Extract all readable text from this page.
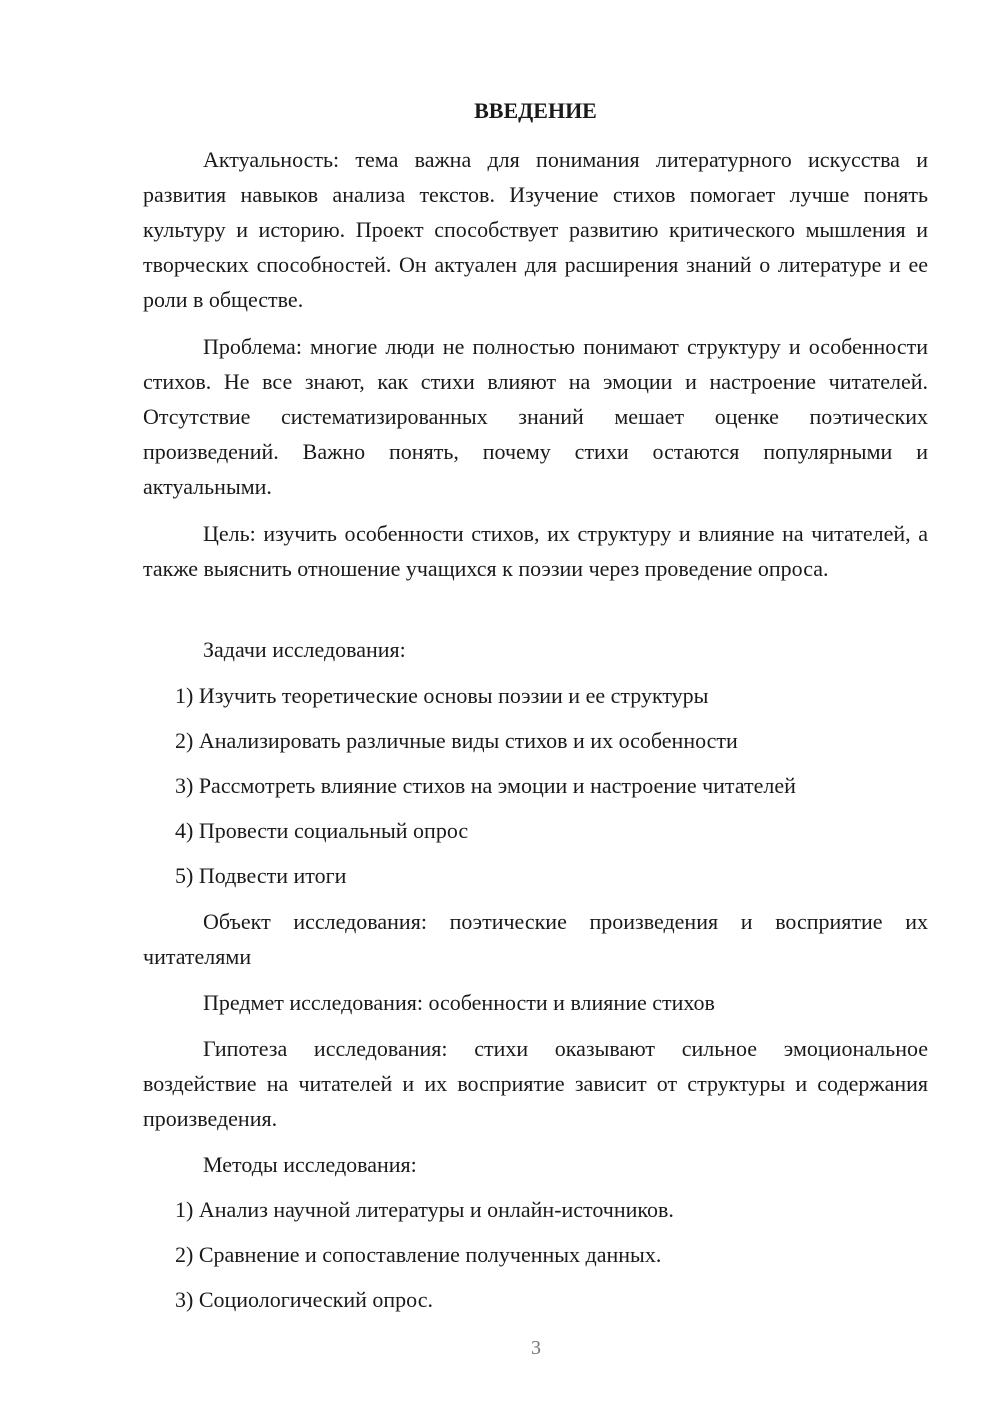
ВВЕДЕНИЕ

Актуальность: тема важна для понимания литературного искусства и развития навыков анализа текстов. Изучение стихов помогает лучше понять культуру и историю. Проект способствует развитию критического мышления и творческих способностей. Он актуален для расширения знаний о литературе и ее роли в обществе.

Проблема: многие люди не полностью понимают структуру и особенности стихов. Не все знают, как стихи влияют на эмоции и настроение читателей. Отсутствие систематизированных знаний мешает оценке поэтических произведений. Важно понять, почему стихи остаются популярными и актуальными.

Цель: изучить особенности стихов, их структуру и влияние на читателей, а также выяснить отношение учащихся к поэзии через проведение опроса.

Задачи исследования:

1) Изучить теоретические основы поэзии и ее структуры

2) Анализировать различные виды стихов и их особенности

3) Рассмотреть влияние стихов на эмоции и настроение читателей

4) Провести социальный опрос

5) Подвести итоги

Объект исследования: поэтические произведения и восприятие их читателями

Предмет исследования: особенности и влияние стихов

Гипотеза исследования: стихи оказывают сильное эмоциональное воздействие на читателей и их восприятие зависит от структуры и содержания произведения.

Методы исследования:

1) Анализ научной литературы и онлайн-источников.

2) Сравнение и сопоставление полученных данных.

3) Социологический опрос.

3
